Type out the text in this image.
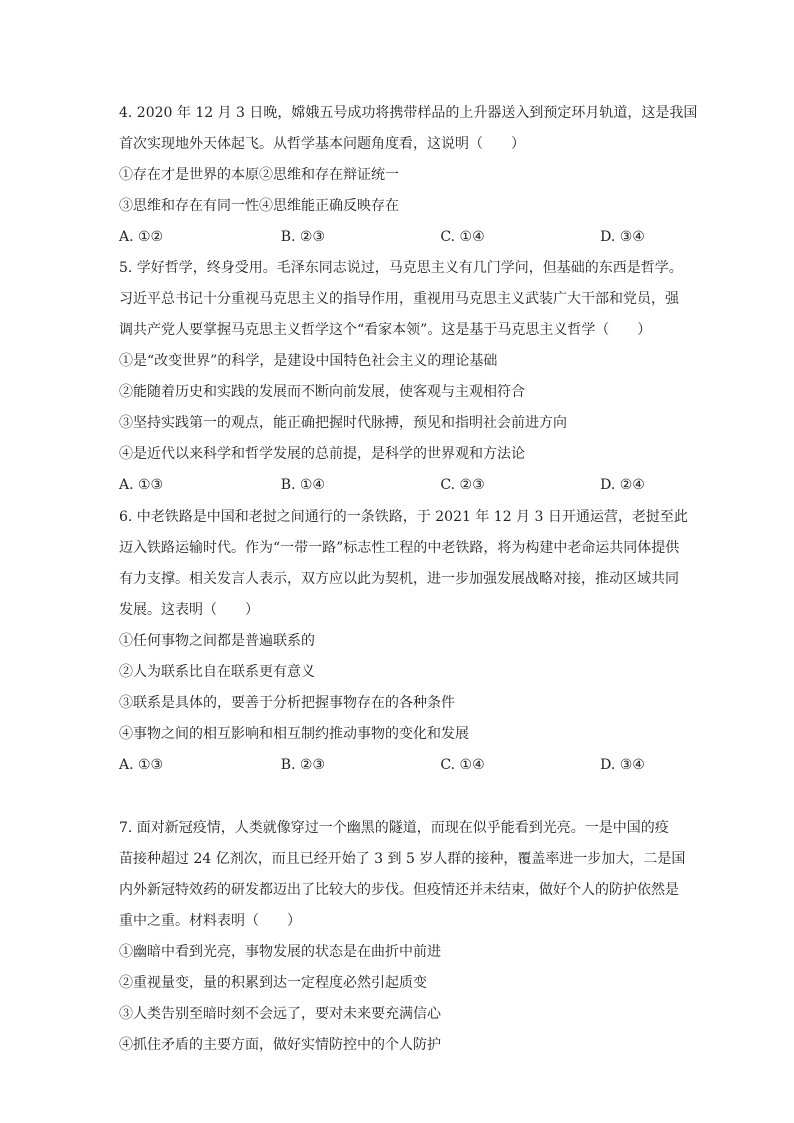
4. 2020 年 12 月 3 日晚，嫦娥五号成功将携带样品的上升器送入到预定环月轨道，这是我国
首次实现地外天体起飞。从哲学基本问题角度看，这说明（　　）
①存在才是世界的本原②思维和存在辩证统一
③思维和存在有同一性④思维能正确反映存在
A. ①②	B. ②③	C. ①④	D. ③④
5. 学好哲学，终身受用。毛泽东同志说过，马克思主义有几门学问，但基础的东西是哲学。
习近平总书记十分重视马克思主义的指导作用，重视用马克思主义武装广大干部和党员，强
调共产党人要掌握马克思主义哲学这个“看家本领”。这是基于马克思主义哲学（　　）
①是“改变世界”的科学，是建设中国特色社会主义的理论基础
②能随着历史和实践的发展而不断向前发展，使客观与主观相符合
③坚持实践第一的观点，能正确把握时代脉搏，预见和指明社会前进方向
④是近代以来科学和哲学发展的总前提，是科学的世界观和方法论
A. ①③	B. ①④	C. ②③	D. ②④
6. 中老铁路是中国和老挝之间通行的一条铁路，于 2021 年 12 月 3 日开通运营，老挝至此
迈入铁路运输时代。作为“一带一路”标志性工程的中老铁路，将为构建中老命运共同体提供
有力支撑。相关发言人表示，双方应以此为契机，进一步加强发展战略对接，推动区域共同
发展。这表明（　　）
①任何事物之间都是普遍联系的
②人为联系比自在联系更有意义
③联系是具体的，要善于分析把握事物存在的各种条件
④事物之间的相互影响和相互制约推动事物的变化和发展
A. ①③	B. ②③	C. ①④	D. ③④
7. 面对新冠疫情，人类就像穿过一个幽黑的隧道，而现在似乎能看到光亮。一是中国的疫
苗接种超过 24 亿剂次，而且已经开始了 3 到 5 岁人群的接种，覆盖率进一步加大，二是国
内外新冠特效药的研发都迈出了比较大的步伐。但疫情还并未结束，做好个人的防护依然是
重中之重。材料表明（　　）
①幽暗中看到光亮，事物发展的状态是在曲折中前进
②重视量变，量的积累到达一定程度必然引起质变
③人类告别至暗时刻不会远了，要对未来要充满信心
④抓住矛盾的主要方面，做好实情防控中的个人防护
